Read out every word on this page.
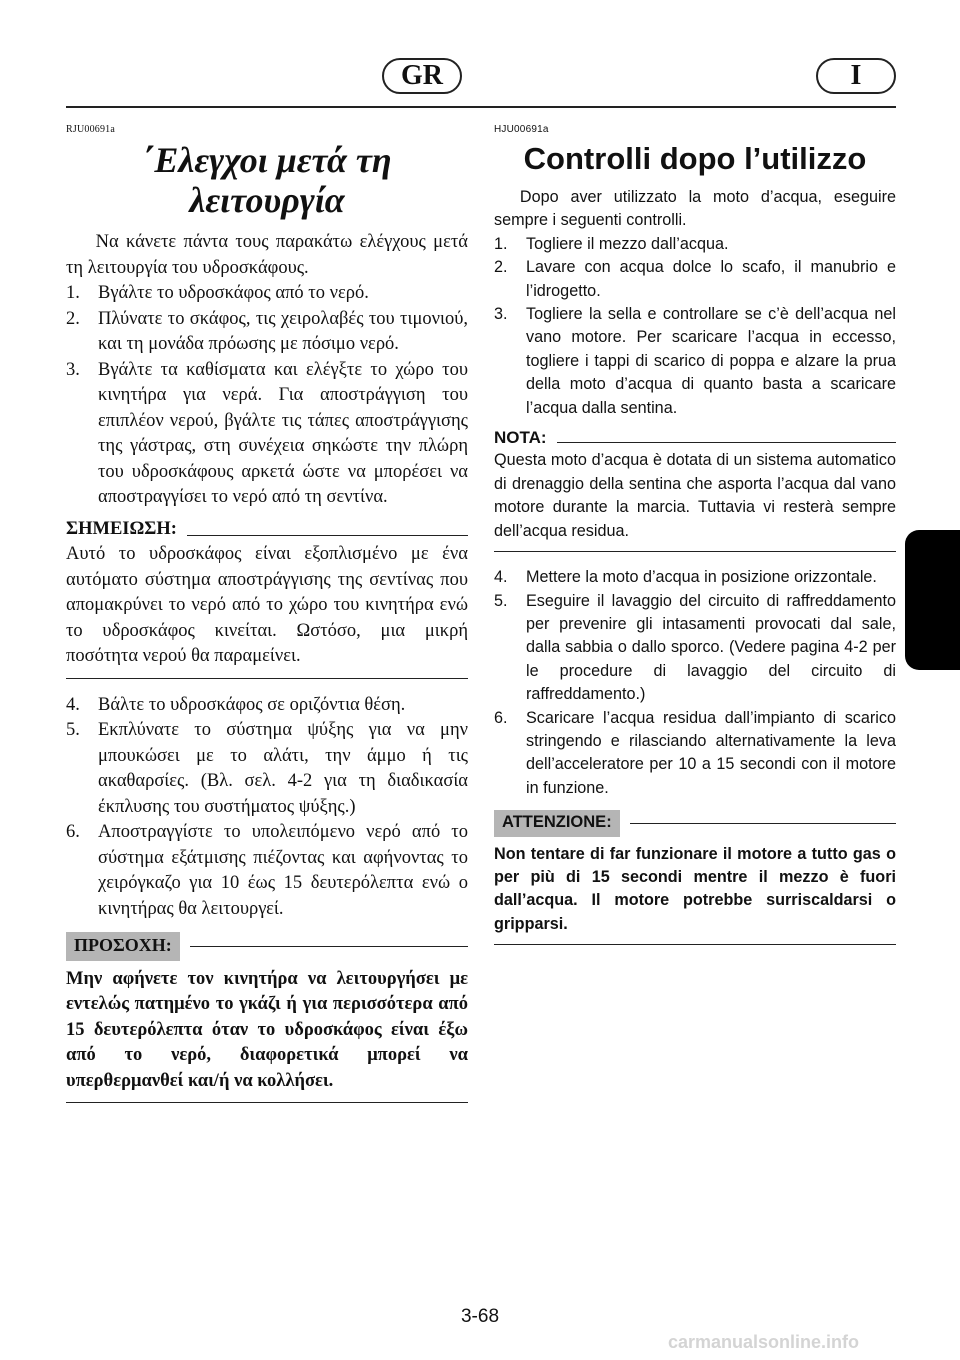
GR	I
RJU00691a
΄Ελεγχοι μετά τη λειτουργία

Να κάνετε πάντα τους παρακάτω ελέγχους μετά τη λειτουργία του υδροσκάφους.

1. Βγάλτε το υδροσκάφος από το νερό.
2. Πλύνατε το σκάφος, τις χειρολαβές του τιμονιού, και τη μονάδα πρόωσης με πόσιμο νερό.
3. Βγάλτε τα καθίσματα και ελέγξτε το χώρο του κινητήρα για νερά. Για αποστράγγιση του επιπλέον νερού, βγάλτε τις τάπες αποστράγγισης της γάστρας, στη συνέχεια σηκώστε την πλώρη του υδροσκάφους αρκετά ώστε να μπορέσει να αποστραγγίσει το νερό από τη σεντίνα.
ΣΗΜΕΙΩΣΗ:

Αυτό το υδροσκάφος είναι εξοπλισμένο με ένα αυτόματο σύστημα αποστράγγισης της σεντίνας που απομακρύνει το νερό από το χώρο του κινητήρα ενώ το υδροσκάφος κινείται. Ωστόσο, μια μικρή ποσότητα νερού θα παραμείνει.

4. Βάλτε το υδροσκάφος σε οριζόντια θέση.
5. Εκπλύνατε το σύστημα ψύξης για να μην μπουκώσει με το αλάτι, την άμμο ή τις ακαθαρσίες. (Βλ. σελ. 4-2 για τη διαδικασία έκπλυσης του συστήματος ψύξης.)
6. Αποστραγγίστε το υπολειπόμενο νερό από το σύστημα εξάτμισης πιέζοντας και αφήνοντας το χειρόγκαζο για 10 έως 15 δευτερόλεπτα ενώ ο κινητήρας θα λειτουργεί.
ΠΡΟΣΟΧΗ:

Μην αφήνετε τον κινητήρα να λειτουργήσει με εντελώς πατημένο το γκάζι ή για περισσότερα από 15 δευτερόλεπτα όταν το υδροσκάφος είναι έξω από το νερό, διαφορετικά μπορεί να υπερθερμανθεί και/ή να κολλήσει.

HJU00691a
Controlli dopo l’utilizzo

Dopo aver utilizzato la moto d’acqua, eseguire sempre i seguenti controlli.

1.	Togliere il mezzo dall’acqua.
2.	Lavare con acqua dolce lo scafo, il manubrio e l’idrogetto.
3.	Togliere la sella e controllare se c’è dell’acqua nel vano motore. Per scaricare l’acqua in eccesso, togliere i tappi di scarico di poppa e alzare la prua della moto d’acqua di quanto basta a scaricare l’acqua dalla sentina.
NOTA:

Questa moto d’acqua è dotata di un sistema automatico di drenaggio della sentina che asporta l’acqua dal vano motore durante la marcia. Tuttavia vi resterà sempre dell’acqua residua.

4.	Mettere la moto d’acqua in posizione orizzontale.
5.	Eseguire il lavaggio del circuito di raffreddamento per prevenire gli intasamenti provocati dal sale, dalla sabbia o dallo sporco. (Vedere pagina 4-2 per le procedure di lavaggio del circuito di raffreddamento.)
6.	Scaricare l’acqua residua dall’impianto di scarico stringendo e rilasciando alternativamente la leva dell’acceleratore per 10 a 15 secondi con il motore in funzione.
ATTENZIONE:

Non tentare di far funzionare il motore a tutto gas o per più di 15 secondi mentre il mezzo è fuori dall’acqua. Il motore potrebbe surriscaldarsi o gripparsi.

3-68
carmanualsonline.info
